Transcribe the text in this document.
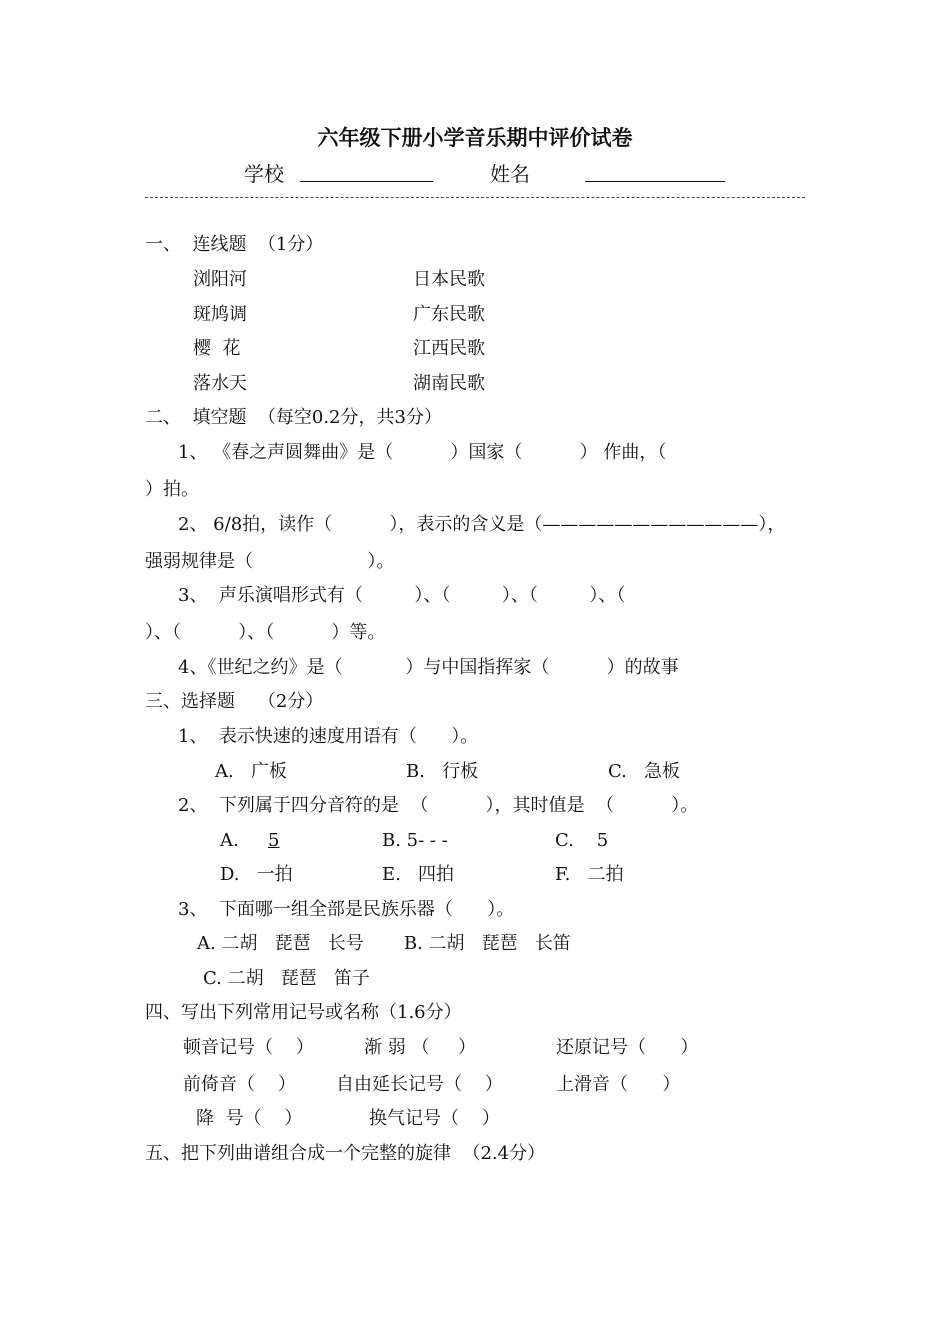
六年级下册小学音乐期中评价试卷
学校	姓名
一、  连线题  （1分）
浏阳河	日本民歌
斑鸠调	广东民歌
樱  花	江西民歌
落水天	湖南民歌
二、  填空题  （每空0.2分，共3分）
1、 《春之声圆舞曲》是（          ）国家（          ） 作曲，（
）拍。
2、 6/8拍，读作（          ），表示的含义是（————————————），
强弱规律是（                    ）。
3、  声乐演唱形式有（         ）、（         ）、（         ）、（
）、（          ）、（          ）等。
4、《世纪之约》是（           ）与中国指挥家（          ）的故事
三、选择题    （2分）
1、  表示快速的速度用语有（      ）。
A.   广板	B.   行板	C.   急板
2、  下列属于四分音符的是  （          ），其时值是  （          ）。
A. 5	B. 5- - -	C.    5
D.   一拍	E.   四拍	F.   二拍
3、  下面哪一组全部是民族乐器（      ）。
A. 二胡   琵琶   长号       B. 二胡   琵琶   长笛
C. 二胡   琵琶   笛子
四、写出下列常用记号或名称（1.6分）
顿音记号（    ）	渐 弱 （     ）	还原记号（      ）
前倚音（    ） 自由延长记号（    ）	上滑音（      ）
降  号（    ）	换气记号（    ）
五、把下列曲谱组合成一个完整的旋律  （2.4分）
